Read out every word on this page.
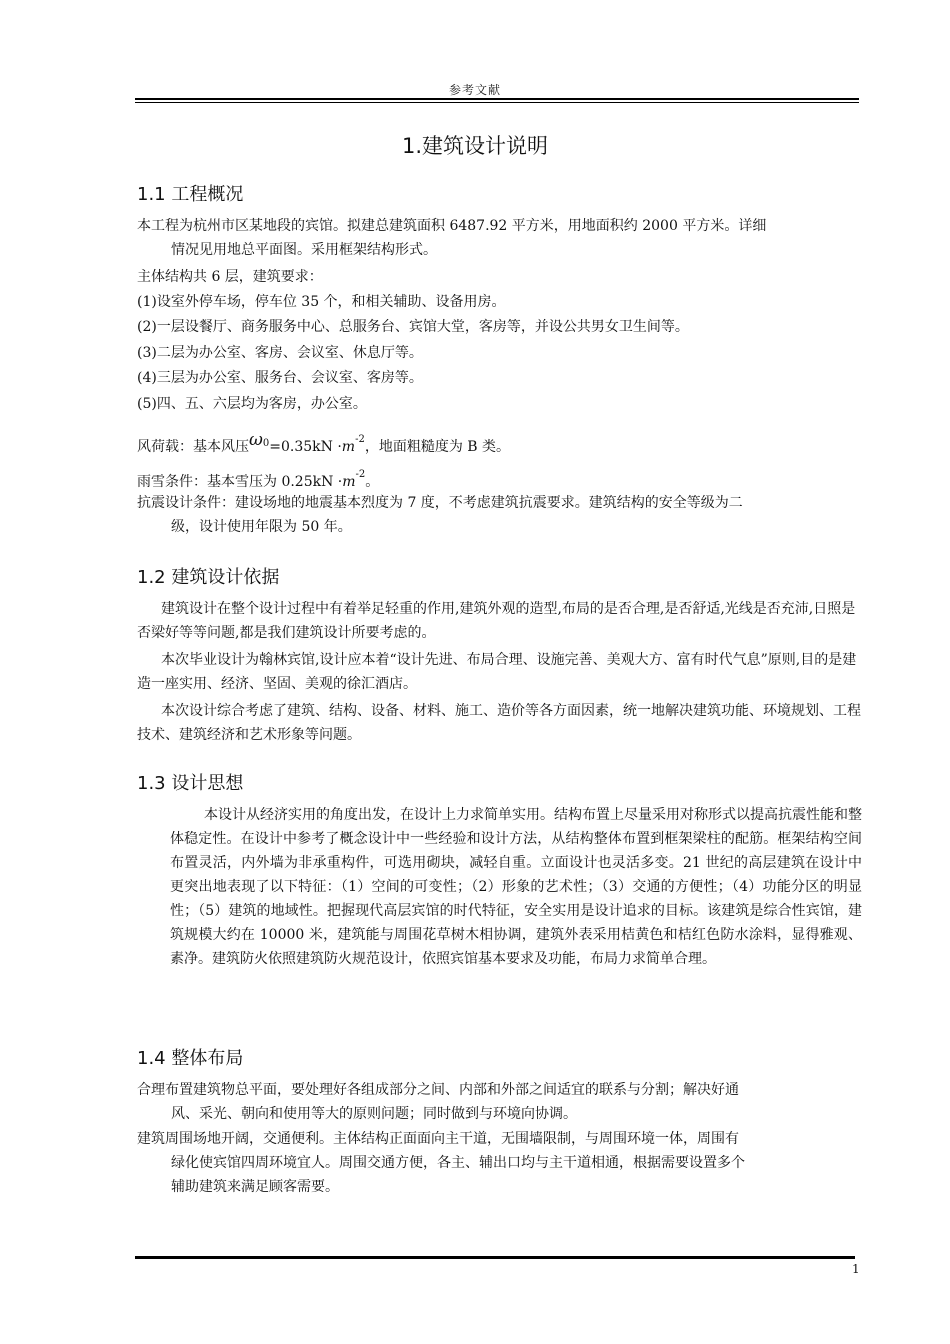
参考文献
1.建筑设计说明
1.1 工程概况

本工程为杭州市区某地段的宾馆。拟建总建筑面积 6487.92 平方米，用地面积约 2000 平方米。详细
情况见用地总平面图。采用框架结构形式。

主体结构共 6 层，建筑要求：

(1)设室外停车场，停车位 35 个，和相关辅助、设备用房。

(2)一层设餐厅、商务服务中心、总服务台、宾馆大堂，客房等，并设公共男女卫生间等。

(3)二层为办公室、客房、会议室、休息厅等。

(4)三层为办公室、服务台、会议室、客房等。

(5)四、五、六层均为客房，办公室。

风荷载：基本风压$\omega_0=0.35kN \cdot m^{-2}$，地面粗糙度为 B 类。

雨雪条件：基本雪压为 $0.25kN \cdot m^{-2}$。

抗震设计条件：建设场地的地震基本烈度为 7 度，不考虑建筑抗震要求。建筑结构的安全等级为二
级，设计使用年限为 50 年。

1.2 建筑设计依据

建筑设计在整个设计过程中有着举足轻重的作用,建筑外观的造型,布局的是否合理,是否舒适,光线是否充沛,日照是否梁好等等问题,都是我们建筑设计所要考虑的。

本次毕业设计为翰林宾馆,设计应本着“设计先进、布局合理、设施完善、美观大方、富有时代气息”原则,目的是建造一座实用、经济、坚固、美观的徐汇酒店。

本次设计综合考虑了建筑、结构、设备、材料、施工、造价等各方面因素，统一地解决建筑功能、环境规划、工程技术、建筑经济和艺术形象等问题。

1.3 设计思想

本设计从经济实用的角度出发，在设计上力求简单实用。结构布置上尽量采用对称形式以提高抗震性能和整体稳定性。在设计中参考了概念设计中一些经验和设计方法，从结构整体布置到框架梁柱的配筋。框架结构空间布置灵活，内外墙为非承重构件，可选用砌块，减轻自重。立面设计也灵活多变。21 世纪的高层建筑在设计中更突出地表现了以下特征：（1）空间的可变性；（2）形象的艺术性；（3）交通的方便性；（4）功能分区的明显性；（5）建筑的地域性。把握现代高层宾馆的时代特征，安全实用是设计追求的目标。该建筑是综合性宾馆，建筑规模大约在 10000 米，建筑能与周围花草树木相协调，建筑外表采用桔黄色和桔红色防水涂料，显得雅观、素净。建筑防火依照建筑防火规范设计，依照宾馆基本要求及功能，布局力求简单合理。

1.4 整体布局

合理布置建筑物总平面，要处理好各组成部分之间、内部和外部之间适宜的联系与分割；解决好通
风、采光、朝向和使用等大的原则问题；同时做到与环境向协调。

建筑周围场地开阔，交通便利。主体结构正面面向主干道，无围墙限制，与周围环境一体，周围有
绿化使宾馆四周环境宜人。周围交通方便，各主、辅出口均与主干道相通，根据需要设置多个
辅助建筑来满足顾客需要。

1
